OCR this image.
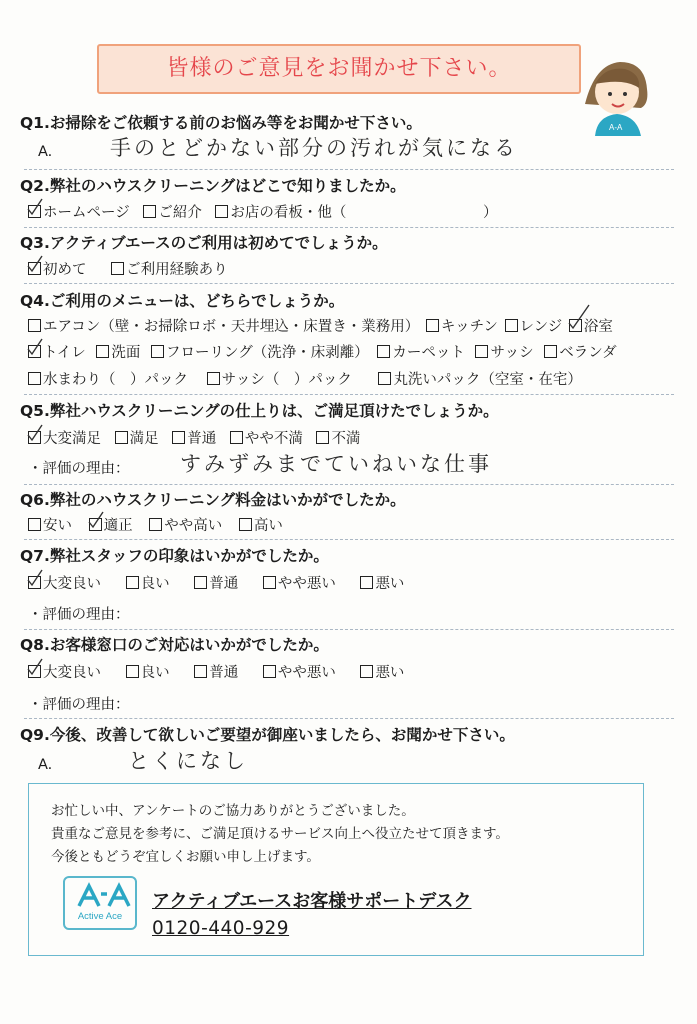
皆様のご意見をお聞かせ下さい。
A-A
Q1.お掃除をご依頼する前のお悩み等をお聞かせ下さい。
A.	手のとどかない部分の汚れが気になる
Q2.弊社のハウスクリーニングはどこで知りましたか。
ホームページ ご紹介 お店の看板・他（	）
Q3.アクティブエースのご利用は初めてでしょうか。
初めて	ご利用経験あり
Q4.ご利用のメニューは、どちらでしょうか。
エアコン（壁・お掃除ロボ・天井埋込・床置き・業務用） キッチン レンジ 浴室
トイレ 洗面 フローリング（洗浄・床剥離） カーペット サッシ ベランダ
水まわり（　）パック サッシ（　）パック	丸洗いパック（空室・在宅）
Q5.弊社ハウスクリーニングの仕上りは、ご満足頂けたでしょうか。
大変満足 満足 普通 やや不満 不満
・評価の理由： すみずみまでていねいな仕事
Q6.弊社のハウスクリーニング料金はいかがでしたか。
安い 適正 やや高い 高い
Q7.弊社スタッフの印象はいかがでしたか。
大変良い	良い	普通	やや悪い	悪い
・評価の理由：
Q8.お客様窓口のご対応はいかがでしたか。
大変良い	良い	普通	やや悪い	悪い
・評価の理由：
Q9.今後、改善して欲しいご要望が御座いましたら、お聞かせ下さい。
A.	とくになし
お忙しい中、アンケートのご協力ありがとうございました。
貴重なご意見を参考に、ご満足頂けるサービス向上へ役立たせて頂きます。
今後ともどうぞ宜しくお願い申し上げます。
Active Ace
アクティブエースお客様サポートデスク
0120-440-929
